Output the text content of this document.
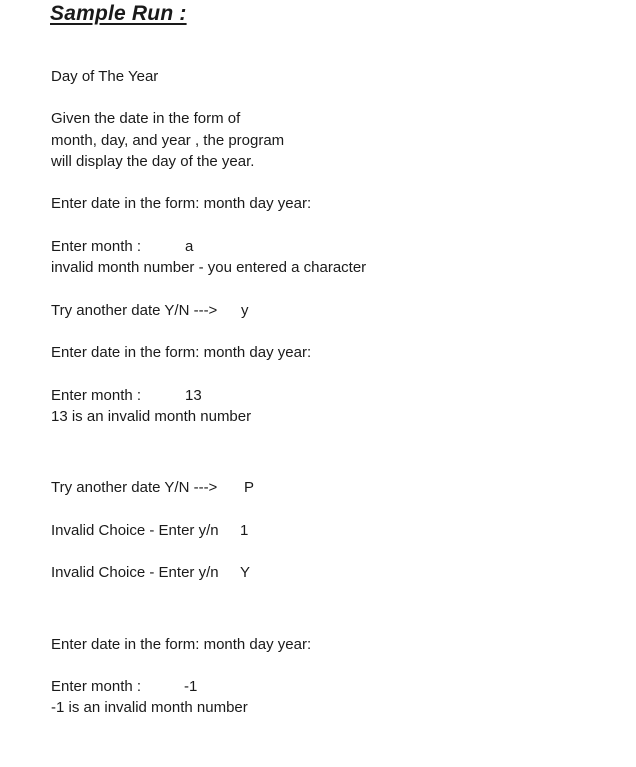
Sample Run :
Day of The Year
Given the date in the form of
month, day, and year , the program
will display the day of the year.
Enter date in the form: month day year:
Enter month :	a
invalid month number - you entered a character
Try another date Y/N ---> y
Enter date in the form: month day year:
Enter month :	13
13 is an invalid month number
Try another date Y/N ---> P
Invalid Choice - Enter y/n 1
Invalid Choice - Enter y/n Y
Enter date in the form: month day year:
Enter month :	-1
-1 is an invalid month number
